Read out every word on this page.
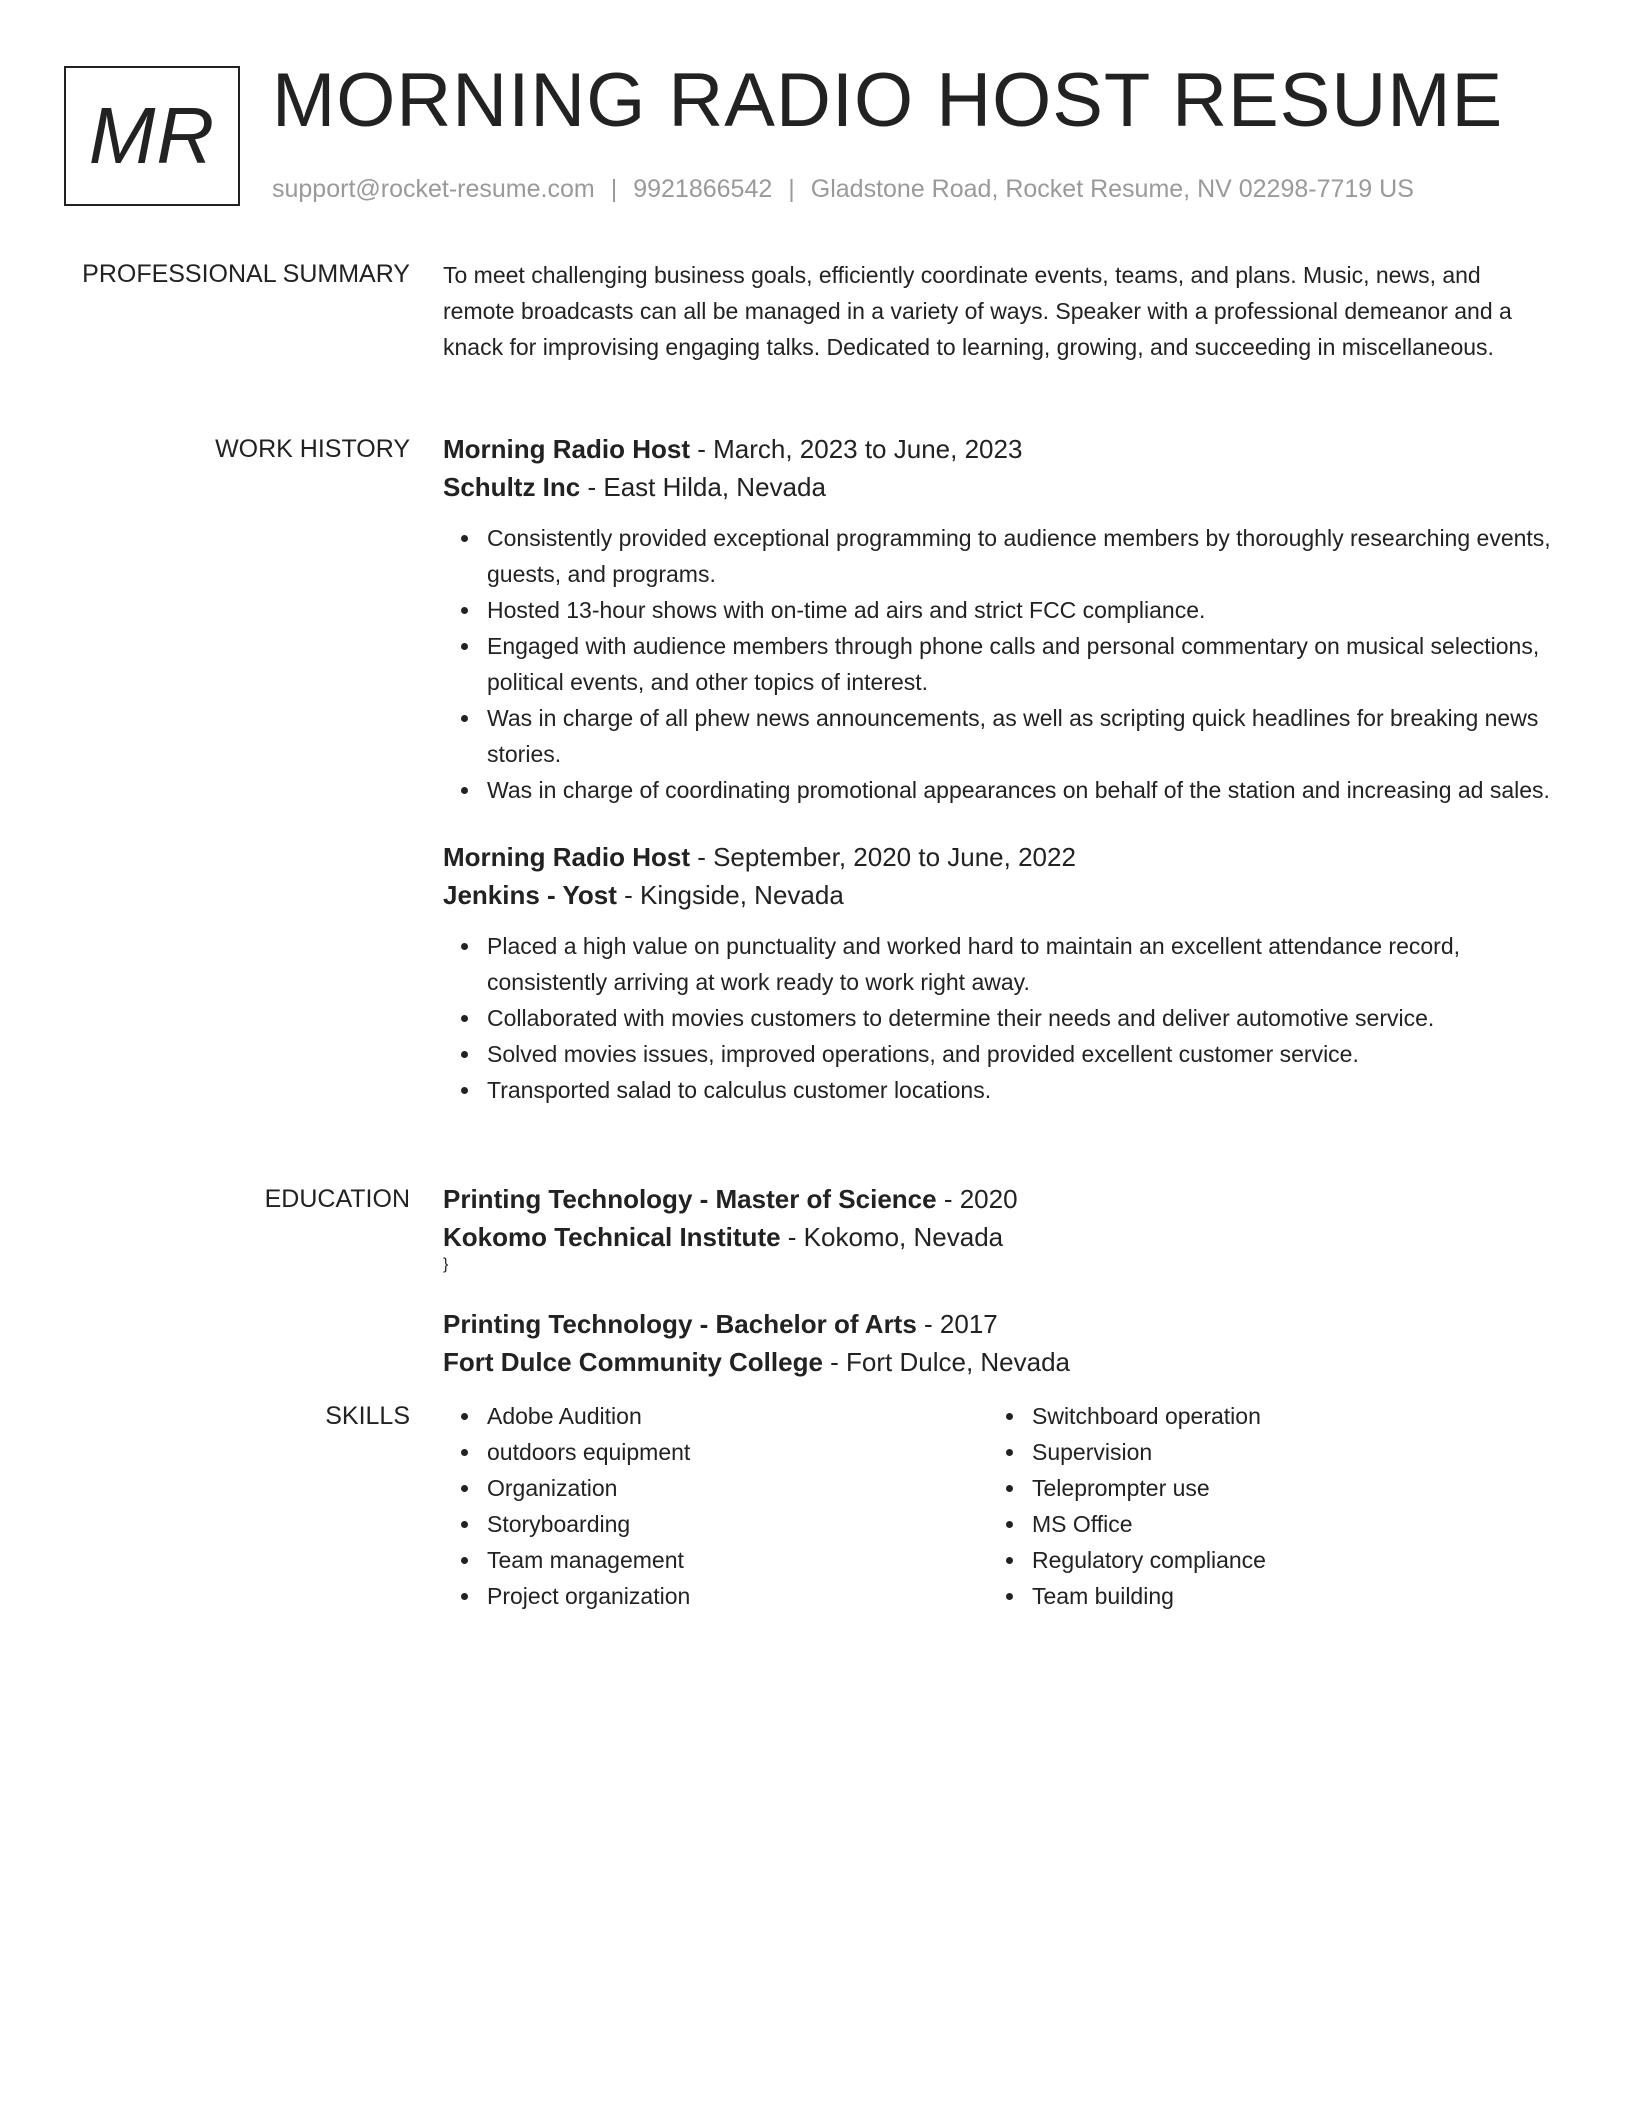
MR MORNING RADIO HOST RESUME
support@rocket-resume.com | 9921866542 | Gladstone Road, Rocket Resume, NV 02298-7719 US
PROFESSIONAL SUMMARY To meet challenging business goals, efficiently coordinate events, teams, and plans. Music, news, and remote broadcasts can all be managed in a variety of ways. Speaker with a professional demeanor and a knack for improvising engaging talks. Dedicated to learning, growing, and succeeding in miscellaneous.

WORK HISTORY Morning Radio Host - March, 2023 to June, 2023
Schultz Inc - East Hilda, Nevada
Consistently provided exceptional programming to audience members by thoroughly researching events, guests, and programs.
Hosted 13-hour shows with on-time ad airs and strict FCC compliance.
Engaged with audience members through phone calls and personal commentary on musical selections, political events, and other topics of interest.
Was in charge of all phew news announcements, as well as scripting quick headlines for breaking news stories.
Was in charge of coordinating promotional appearances on behalf of the station and increasing ad sales.
Morning Radio Host - September, 2020 to June, 2022
Jenkins - Yost - Kingside, Nevada
Placed a high value on punctuality and worked hard to maintain an excellent attendance record, consistently arriving at work ready to work right away.
Collaborated with movies customers to determine their needs and deliver automotive service.
Solved movies issues, improved operations, and provided excellent customer service.
Transported salad to calculus customer locations.
EDUCATION Printing Technology - Master of Science - 2020
Kokomo Technical Institute - Kokomo, Nevada
}
Printing Technology - Bachelor of Arts - 2017
Fort Dulce Community College - Fort Dulce, Nevada
SKILLS	Adobe Audition
outdoors equipment
Organization
Storyboarding
Team management
Project organization
Switchboard operation
Supervision
Teleprompter use
MS Office
Regulatory compliance
Team building
